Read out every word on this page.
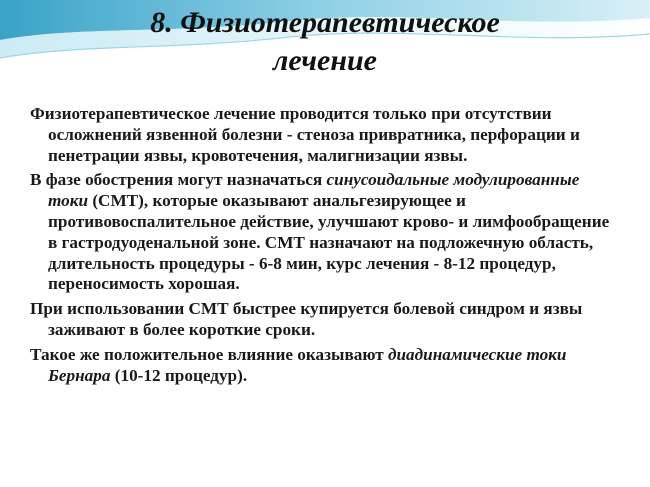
8. Физиотерапевтическое
лечение

Физиотерапевтическое лечение проводится только при отсутствии осложнений язвенной болезни - стеноза привратника, перфорации и пенетрации язвы, кровотечения, малигнизации язвы.

В фазе обострения могут назначаться синусоидальные модулированные токи (СМТ), которые оказывают анальгезирующее и противовоспалительное действие, улучшают кровo- и лимфообращение в гастродуоденальной зоне. СМТ назначают на подложечную область, длительность процедуры - 6-8 мин, курс лечения - 8-12 процедур, переносимость хорошая.

При использовании СМТ быстрее купируется болевой синдром и язвы заживают в более короткие сроки.

Такое же положительное влияние оказывают диадинамические токи Бернара (10-12 процедур).
